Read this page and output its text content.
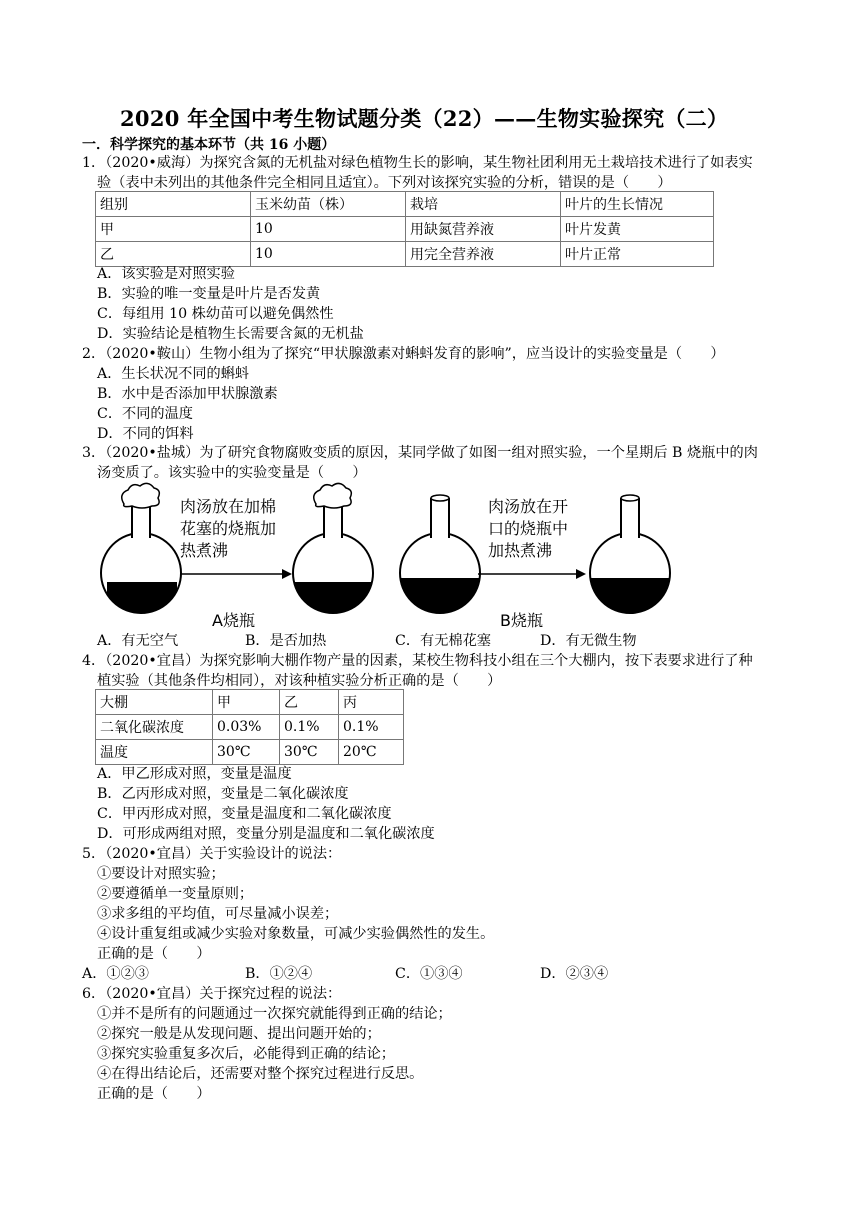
2020 年全国中考生物试题分类（22）——生物实验探究（二）
一．科学探究的基本环节（共 16 小题）
1．（2020•威海）为探究含氮的无机盐对绿色植物生长的影响，某生物社团利用无土栽培技术进行了如表实
验（表中未列出的其他条件完全相同且适宜）。下列对该探究实验的分析，错误的是（　　）
组别	玉米幼苗（株）	栽培	叶片的生长情况
甲	10	用缺氮营养液	叶片发黄
乙	10	用完全营养液	叶片正常
A．该实验是对照实验
B．实验的唯一变量是叶片是否发黄
C．每组用 10 株幼苗可以避免偶然性
D．实验结论是植物生长需要含氮的无机盐
2．（2020•鞍山）生物小组为了探究“甲状腺激素对蝌蚪发育的影响”，应当设计的实验变量是（　　）
A．生长状况不同的蝌蚪
B．水中是否添加甲状腺激素
C．不同的温度
D．不同的饵料
3．（2020•盐城）为了研究食物腐败变质的原因，某同学做了如图一组对照实验，一个星期后 B 烧瓶中的肉
汤变质了。该实验中的实验变量是（　　）
肉汤放在加棉
花塞的烧瓶加
热煮沸
肉汤放在开
口的烧瓶中
加热煮沸
A烧瓶	B烧瓶
A．有无空气	B．是否加热	C．有无棉花塞	D．有无微生物
4．（2020•宜昌）为探究影响大棚作物产量的因素，某校生物科技小组在三个大棚内，按下表要求进行了种
植实验（其他条件均相同），对该种植实验分析正确的是（　　）
大棚	甲	乙	丙
二氧化碳浓度	0.03%	0.1%	0.1%
温度	30℃	30℃	20℃
A．甲乙形成对照，变量是温度
B．乙丙形成对照，变量是二氧化碳浓度
C．甲丙形成对照，变量是温度和二氧化碳浓度
D．可形成两组对照，变量分别是温度和二氧化碳浓度
5．（2020•宜昌）关于实验设计的说法：
①要设计对照实验；
②要遵循单一变量原则；
③求多组的平均值，可尽量减小误差；
④设计重复组或减少实验对象数量，可减少实验偶然性的发生。
正确的是（　　）
A．①②③	B．①②④	C．①③④	D．②③④
6．（2020•宜昌）关于探究过程的说法：
①并不是所有的问题通过一次探究就能得到正确的结论；
②探究一般是从发现问题、提出问题开始的；
③探究实验重复多次后，必能得到正确的结论；
④在得出结论后，还需要对整个探究过程进行反思。
正确的是（　　）
